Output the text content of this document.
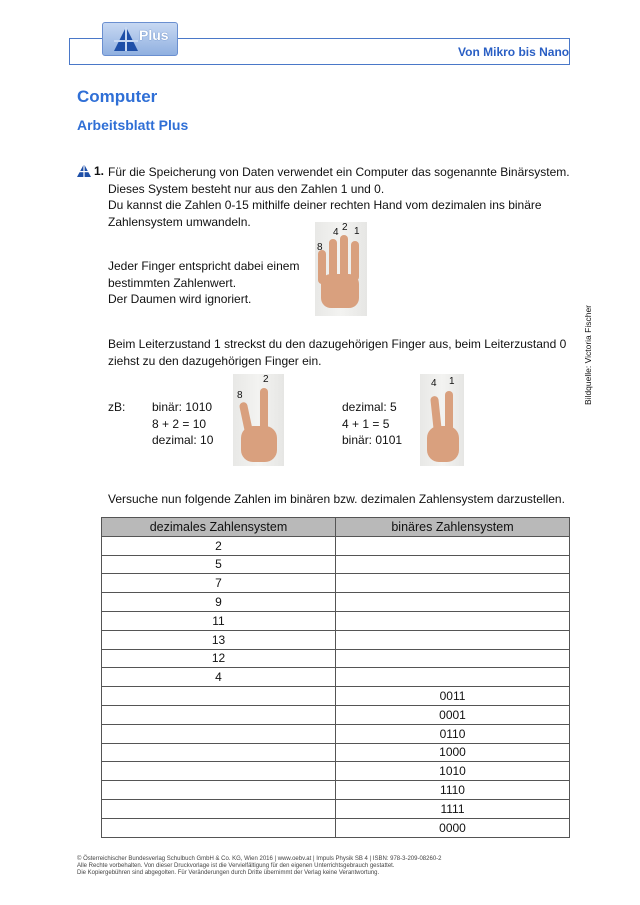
Plus
Von Mikro bis Nano
Computer
Arbeitsblatt Plus
1. Für die Speicherung von Daten verwendet ein Computer das sogenannte Binärsystem.
Dieses System besteht nur aus den Zahlen 1 und 0.
Du kannst die Zahlen 0-15 mithilfe deiner rechten Hand vom dezimalen ins binäre
Zahlensystem umwandeln.
Jeder Finger entspricht dabei einem
bestimmten Zahlenwert.
Der Daumen wird ignoriert.
8
4 2 1
Beim Leiterzustand 1 streckst du den dazugehörigen Finger aus, beim Leiterzustand 0
ziehst zu den dazugehörigen Finger ein.
zB: binär: 1010
8 + 2 = 10
dezimal: 10
8
2
dezimal: 5
4 + 1 = 5
binär: 0101
4 1
Versuche nun folgende Zahlen im binären bzw. dezimalen Zahlensystem darzustellen.
dezimales Zahlensystem	binäres Zahlensystem
2	
5	
7	
9	
11	
13	
12	
4	
	0011
	0001
	0110
	1000
	1010
	1110
	1111
	0000
Bildquelle: Victoria Fischer
© Österreichischer Bundesverlag Schulbuch GmbH & Co. KG, Wien 2016 | www.oebv.at | Impuls Physik SB 4 | ISBN: 978-3-209-08260-2
Alle Rechte vorbehalten. Von dieser Druckvorlage ist die Vervielfältigung für den eigenen Unterrichtsgebrauch gestattet.
Die Kopiergebühren sind abgegolten. Für Veränderungen durch Dritte übernimmt der Verlag keine Verantwortung.
